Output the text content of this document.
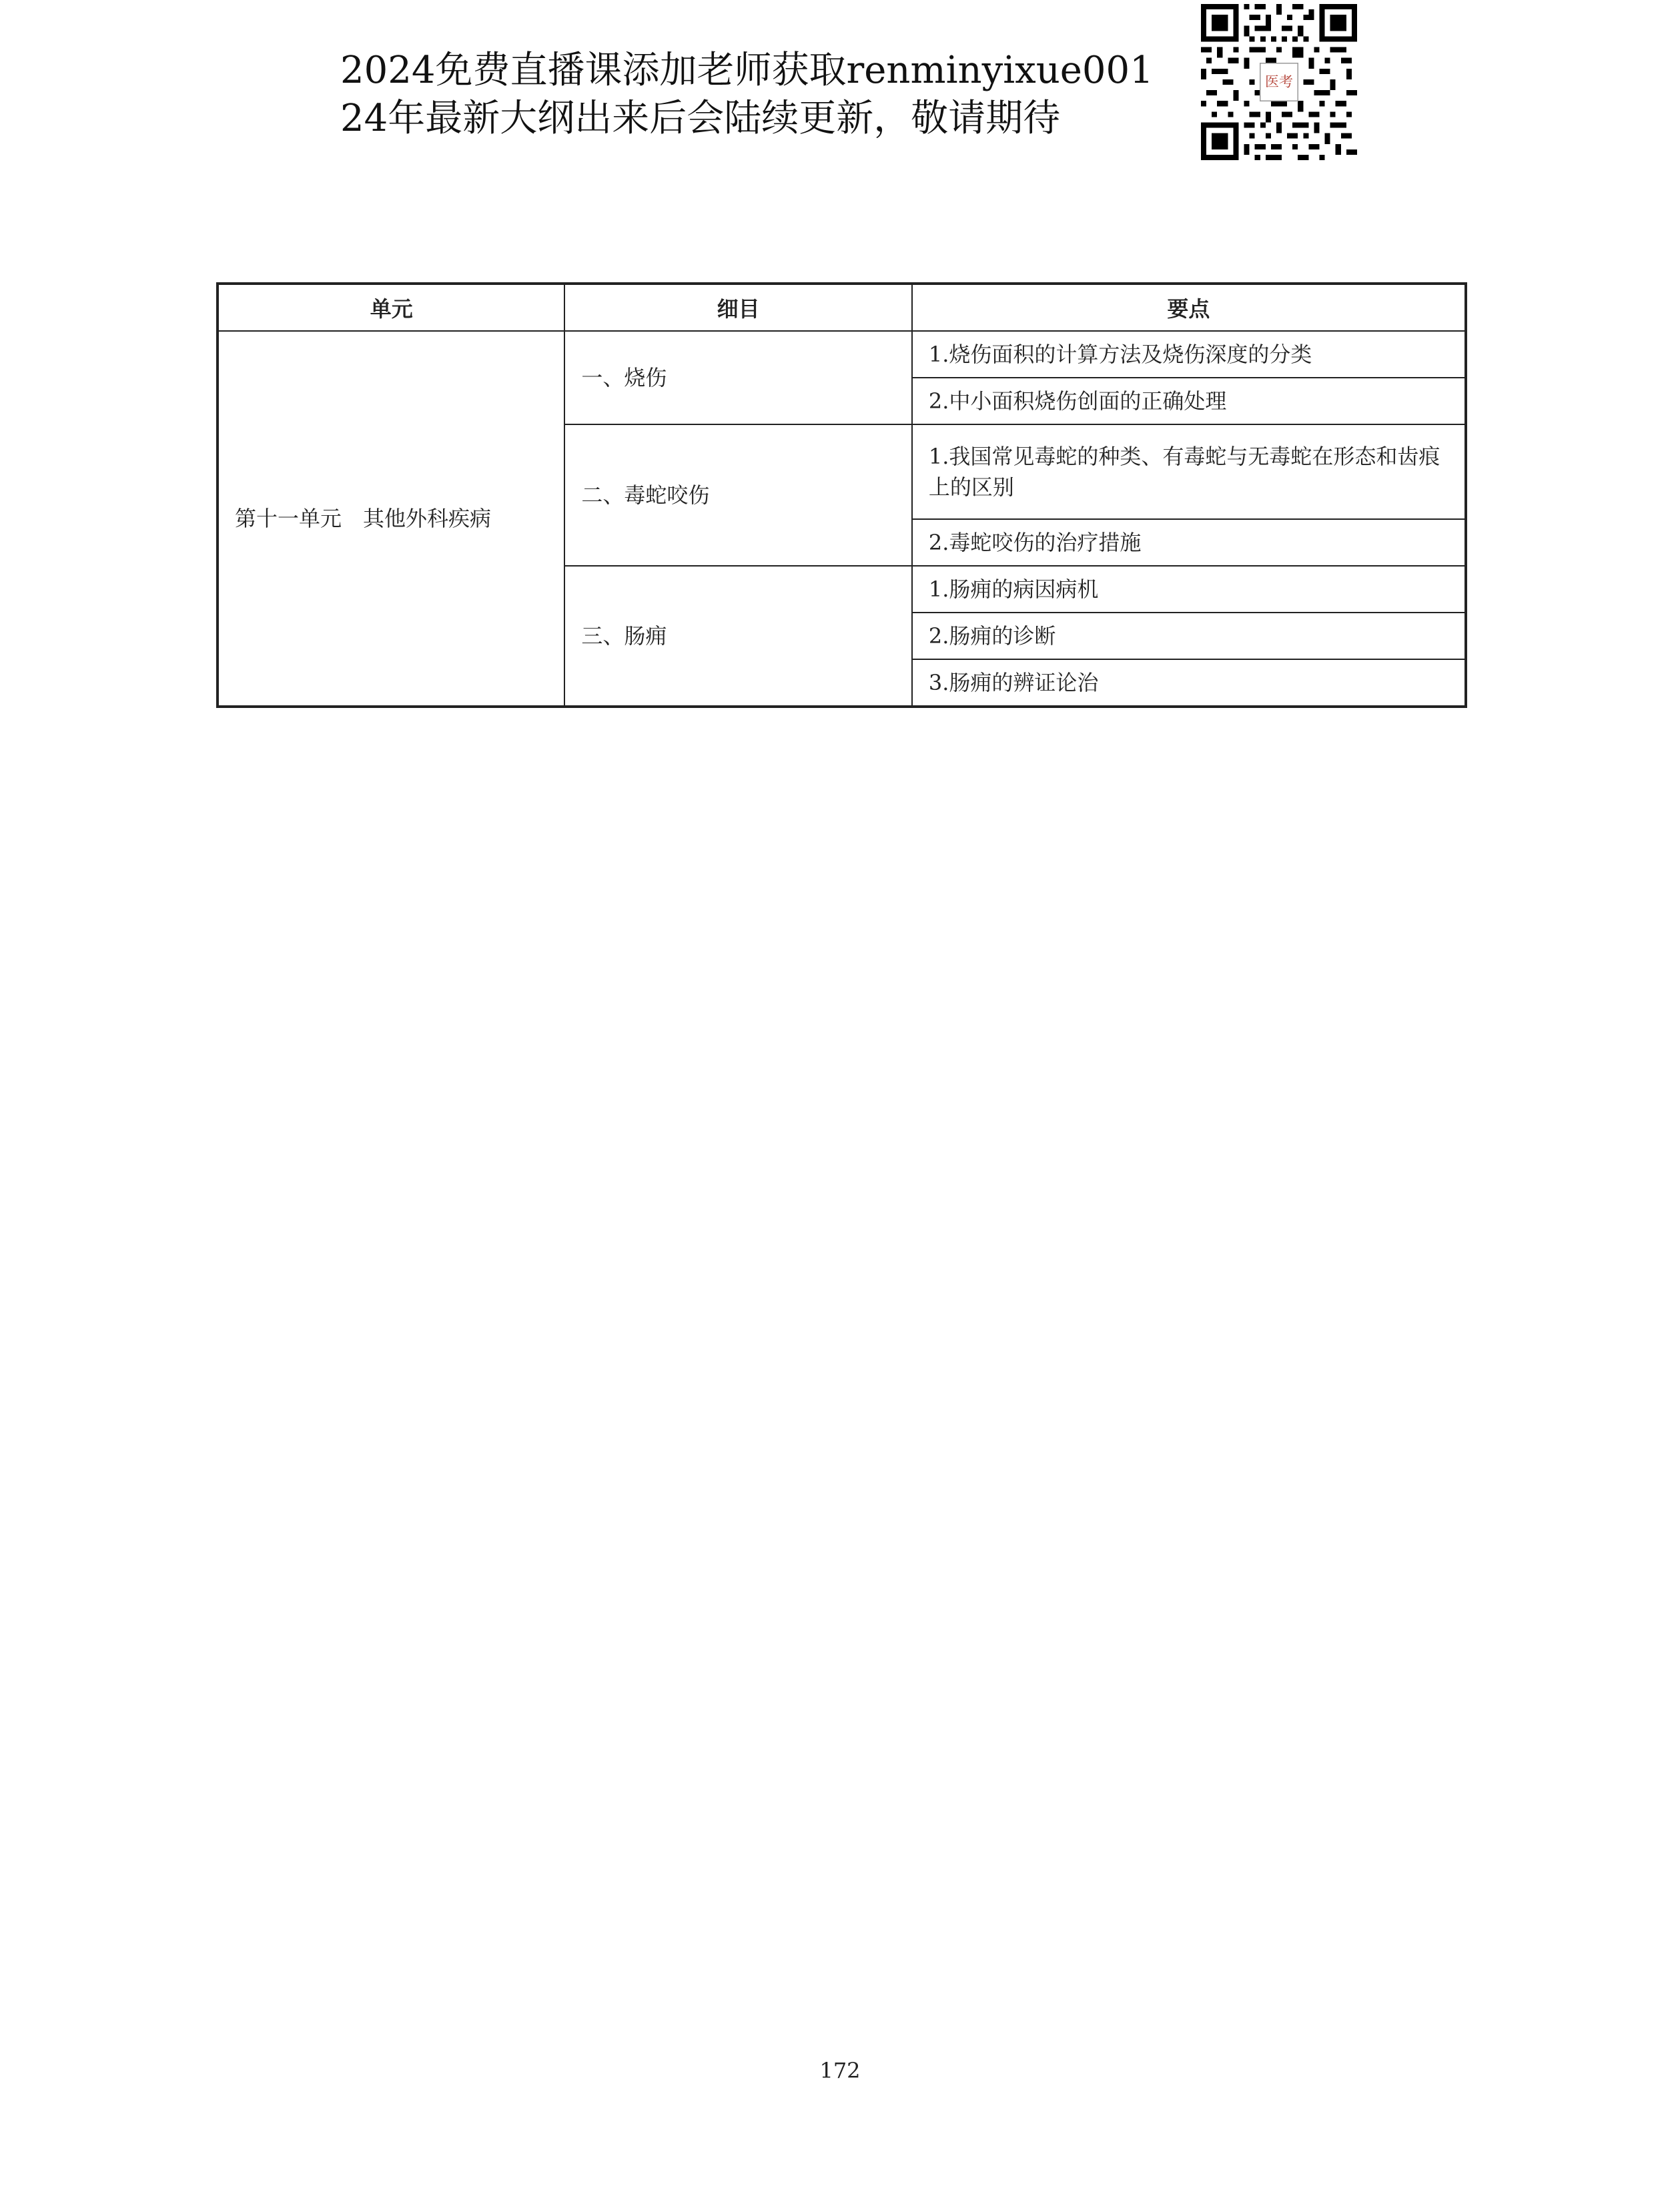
2024免费直播课添加老师获取renminyixue001
24年最新大纲出来后会陆续更新，敬请期待
医考
单元	细目	要点
第十一单元　其他外科疾病	一、烧伤	1.烧伤面积的计算方法及烧伤深度的分类
		2.中小面积烧伤创面的正确处理
	二、毒蛇咬伤	1.我国常见毒蛇的种类、有毒蛇与无毒蛇在形态和齿痕上的区别
		2.毒蛇咬伤的治疗措施
	三、肠痈	1.肠痈的病因病机
		2.肠痈的诊断
		3.肠痈的辨证论治
172
